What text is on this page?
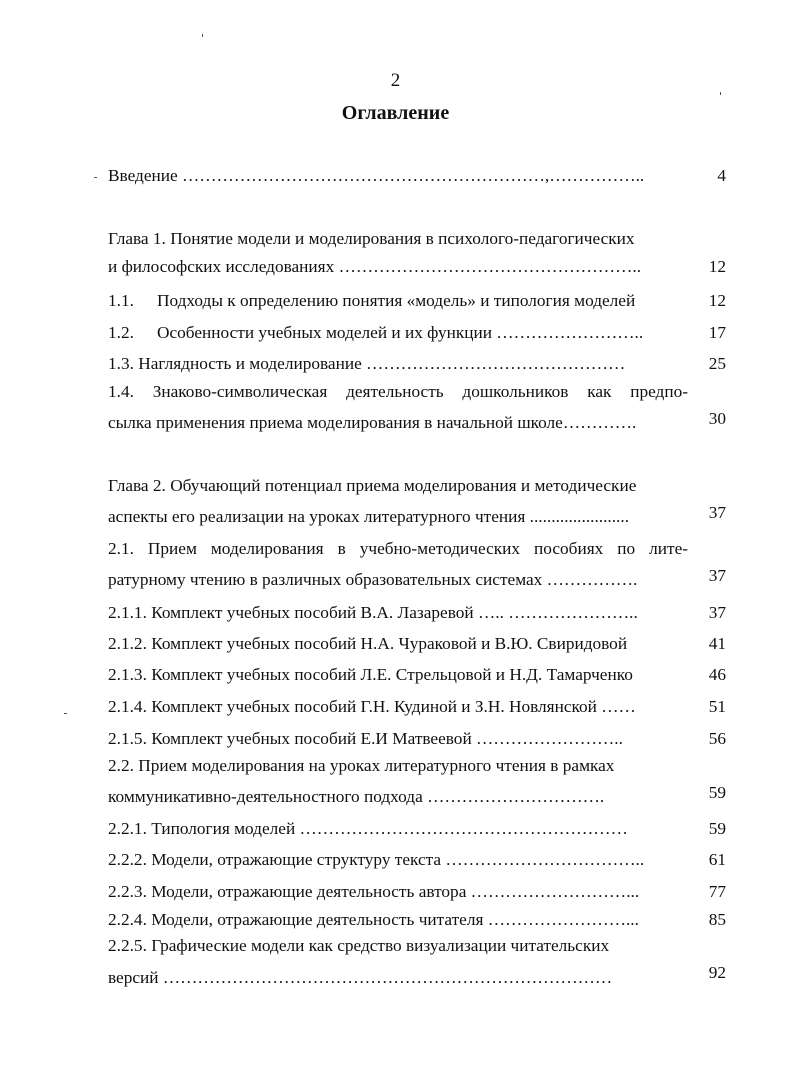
2
Оглавление
Введение ………………………………………………………,……………..	4
Глава 1. Понятие модели и моделирования в психолого-педагогических
и философских исследованиях ……………………………………………..	12
1.1. Подходы к определению понятия «модель» и типология моделей	12
1.2. Особенности учебных моделей и их функции ……………………..	17
1.3. Наглядность и моделирование ………………………………………	25
1.4. Знаково-символическая деятельность дошкольников как предпо-
сылка применения приема моделирования в начальной школе………….	30
Глава 2. Обучающий потенциал приема моделирования и методические
аспекты его реализации на уроках литературного чтения .......................	37
2.1. Прием моделирования в учебно-методических пособиях по лите-
ратурному чтению в различных образовательных системах …………….	37
2.1.1. Комплект учебных пособий В.А. Лазаревой ….. …………………..	37
2.1.2. Комплект учебных пособий Н.А. Чураковой и В.Ю. Свиридовой	41
2.1.3. Комплект учебных пособий Л.Е. Стрельцовой и Н.Д. Тамарченко	46
2.1.4. Комплект учебных пособий Г.Н. Кудиной и З.Н. Новлянской ……	51
2.1.5. Комплект учебных пособий Е.И Матвеевой ……………………..	56
2.2. Прием моделирования на уроках литературного чтения в рамках
коммуникативно-деятельностного подхода ………………………….	59
2.2.1. Типология моделей …………………………………………………	59
2.2.2. Модели, отражающие структуру текста ……………………………..	61
2.2.3. Модели, отражающие деятельность автора ………………………...	77
2.2.4. Модели, отражающие деятельность читателя ……………………...	85
2.2.5. Графические модели как средство визуализации читательских
версий ……………………………………………………………………	92
